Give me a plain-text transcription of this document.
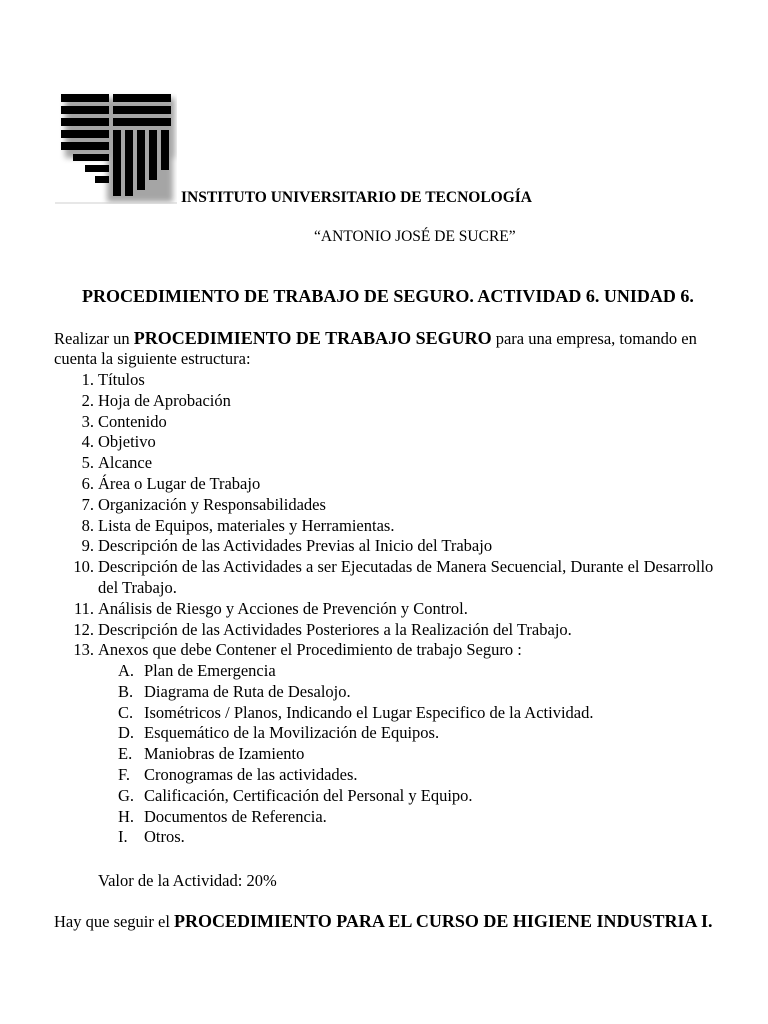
INSTITUTO UNIVERSITARIO DE TECNOLOGÍA
“ANTONIO JOSÉ DE SUCRE”
PROCEDIMIENTO DE TRABAJO DE SEGURO. ACTIVIDAD 6. UNIDAD 6.
Realizar un PROCEDIMIENTO DE TRABAJO SEGURO para una empresa, tomando en cuenta la siguiente estructura:
1. Títulos
2. Hoja de Aprobación
3. Contenido
4. Objetivo
5. Alcance
6. Área o Lugar de Trabajo
7. Organización y Responsabilidades
8. Lista de Equipos, materiales y Herramientas.
9. Descripción de las Actividades Previas al Inicio del Trabajo
10. Descripción de las Actividades a ser Ejecutadas de Manera Secuencial, Durante el Desarrollo del Trabajo.
11. Análisis de Riesgo y Acciones de Prevención y Control.
12. Descripción de las Actividades Posteriores a la Realización del Trabajo.
13. Anexos que debe Contener el Procedimiento de trabajo Seguro :
A. Plan de Emergencia
B. Diagrama de Ruta de Desalojo.
C. Isométricos / Planos, Indicando el Lugar Especifico de la Actividad.
D. Esquemático de la Movilización de Equipos.
E. Maniobras de Izamiento
F. Cronogramas de las actividades.
G. Calificación, Certificación del Personal y Equipo.
H. Documentos de Referencia.
I. Otros.
Valor de la Actividad: 20%
Hay que seguir el PROCEDIMIENTO PARA EL CURSO DE HIGIENE INDUSTRIA I.
